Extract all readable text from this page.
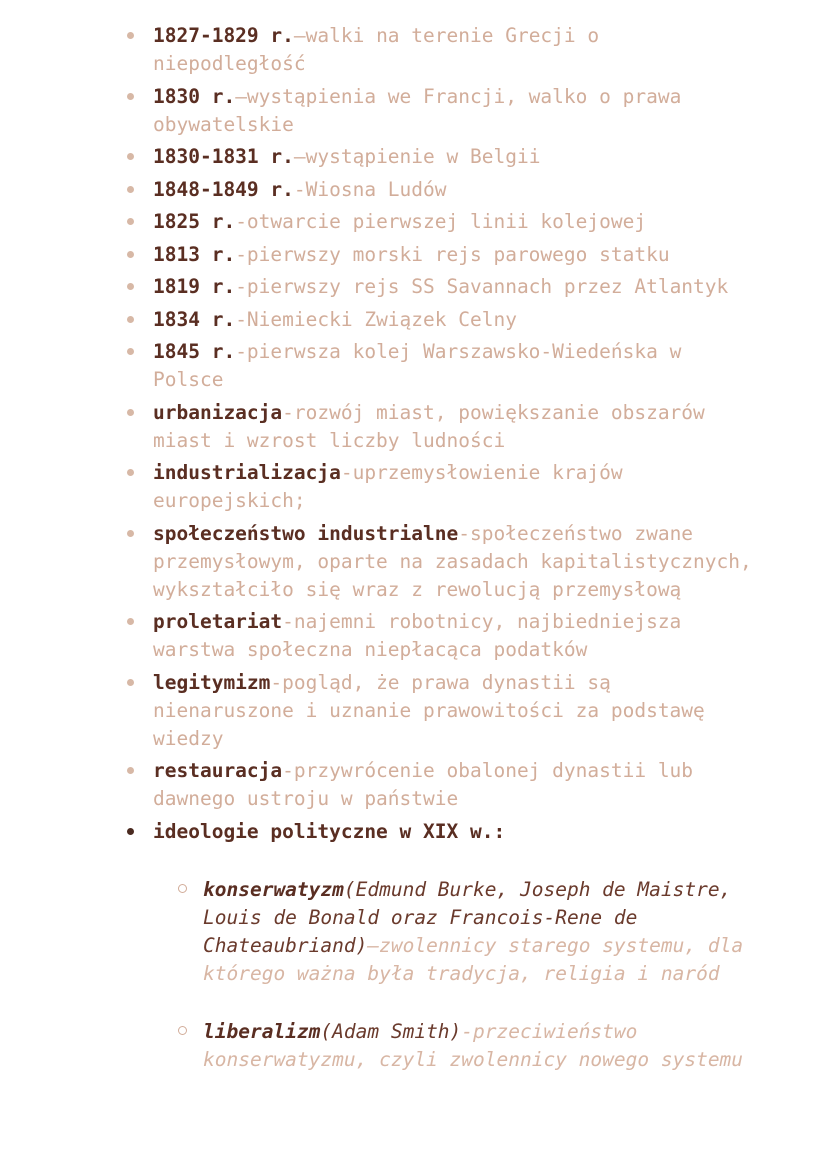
1827-1829 r.–walki na terenie Grecji o
niepodległość
1830 r.–wystąpienia we Francji, walko o prawa
obywatelskie
1830-1831 r.–wystąpienie w Belgii
1848-1849 r.-Wiosna Ludów
1825 r.-otwarcie pierwszej linii kolejowej
1813 r.-pierwszy morski rejs parowego statku
1819 r.-pierwszy rejs SS Savannach przez Atlantyk
1834 r.-Niemiecki Związek Celny
1845 r.-pierwsza kolej Warszawsko-Wiedeńska w
Polsce
urbanizacja-rozwój miast, powiększanie obszarów
miast i wzrost liczby ludności
industrializacja-uprzemysłowienie krajów
europejskich;
społeczeństwo industrialne-społeczeństwo zwane
przemysłowym, oparte na zasadach kapitalistycznych,
wykształciło się wraz z rewolucją przemysłową
proletariat-najemni robotnicy, najbiedniejsza
warstwa społeczna niepłacąca podatków
legitymizm-pogląd, że prawa dynastii są
nienaruszone i uznanie prawowitości za podstawę
wiedzy
restauracja-przywrócenie obalonej dynastii lub
dawnego ustroju w państwie
ideologie polityczne w XIX w.:

konserwatyzm(Edmund Burke, Joseph de Maistre,
Louis de Bonald oraz Francois-Rene de
Chateaubriand)–zwolennicy starego systemu, dla
którego ważna była tradycja, religia i naród

liberalizm(Adam Smith)-przeciwieństwo
konserwatyzmu, czyli zwolennicy nowego systemu
